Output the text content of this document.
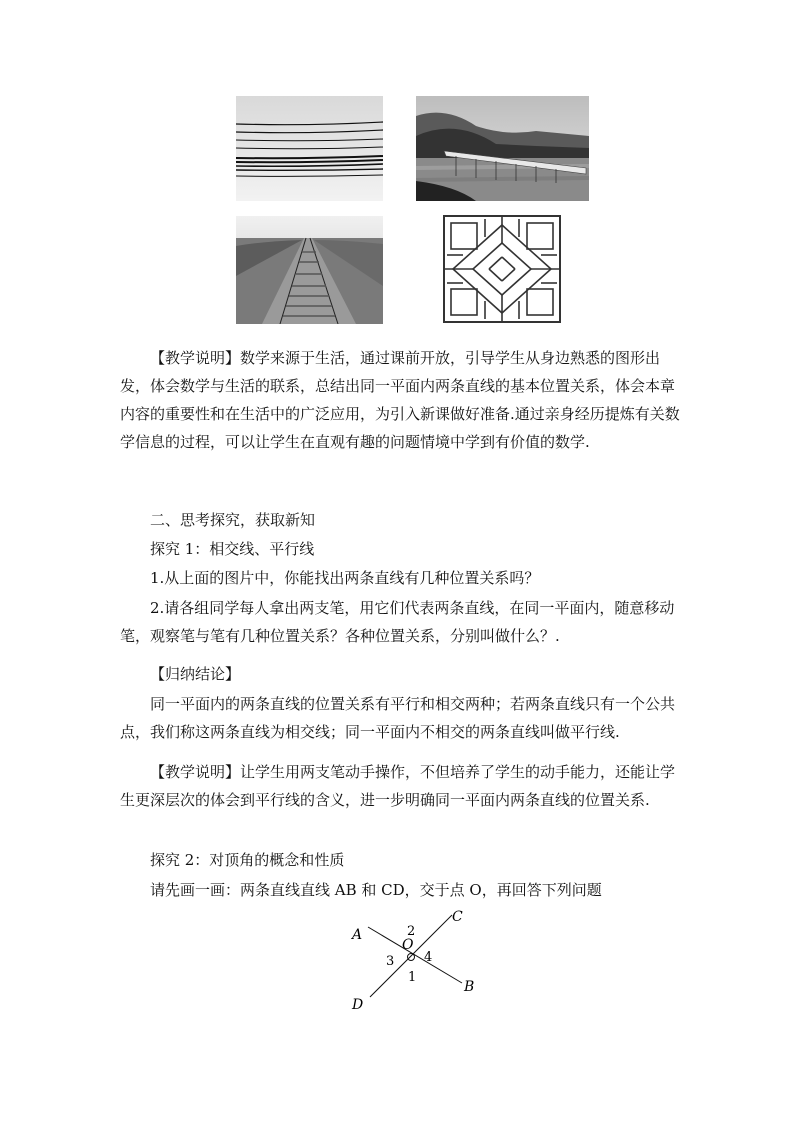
【教学说明】数学来源于生活，通过课前开放，引导学生从身边熟悉的图形出发，体会数学与生活的联系，总结出同一平面内两条直线的基本位置关系，体会本章内容的重要性和在生活中的广泛应用，为引入新课做好准备.通过亲身经历提炼有关数学信息的过程，可以让学生在直观有趣的问题情境中学到有价值的数学.

二、思考探究，获取新知
探究 1：相交线、平行线
1.从上面的图片中，你能找出两条直线有几种位置关系吗？

2.请各组同学每人拿出两支笔，用它们代表两条直线，在同一平面内，随意移动笔，观察笔与笔有几种位置关系？各种位置关系，分别叫做什么？.

【归纳结论】

同一平面内的两条直线的位置关系有平行和相交两种；若两条直线只有一个公共点，我们称这两条直线为相交线；同一平面内不相交的两条直线叫做平行线.

【教学说明】让学生用两支笔动手操作，不但培养了学生的动手能力，还能让学生更深层次的体会到平行线的含义，进一步明确同一平面内两条直线的位置关系.

探究 2：对顶角的概念和性质
请先画一画：两条直线直线 AB 和 CD，交于点 O，再回答下列问题
A
B
C
D
O
1
2
3 4
